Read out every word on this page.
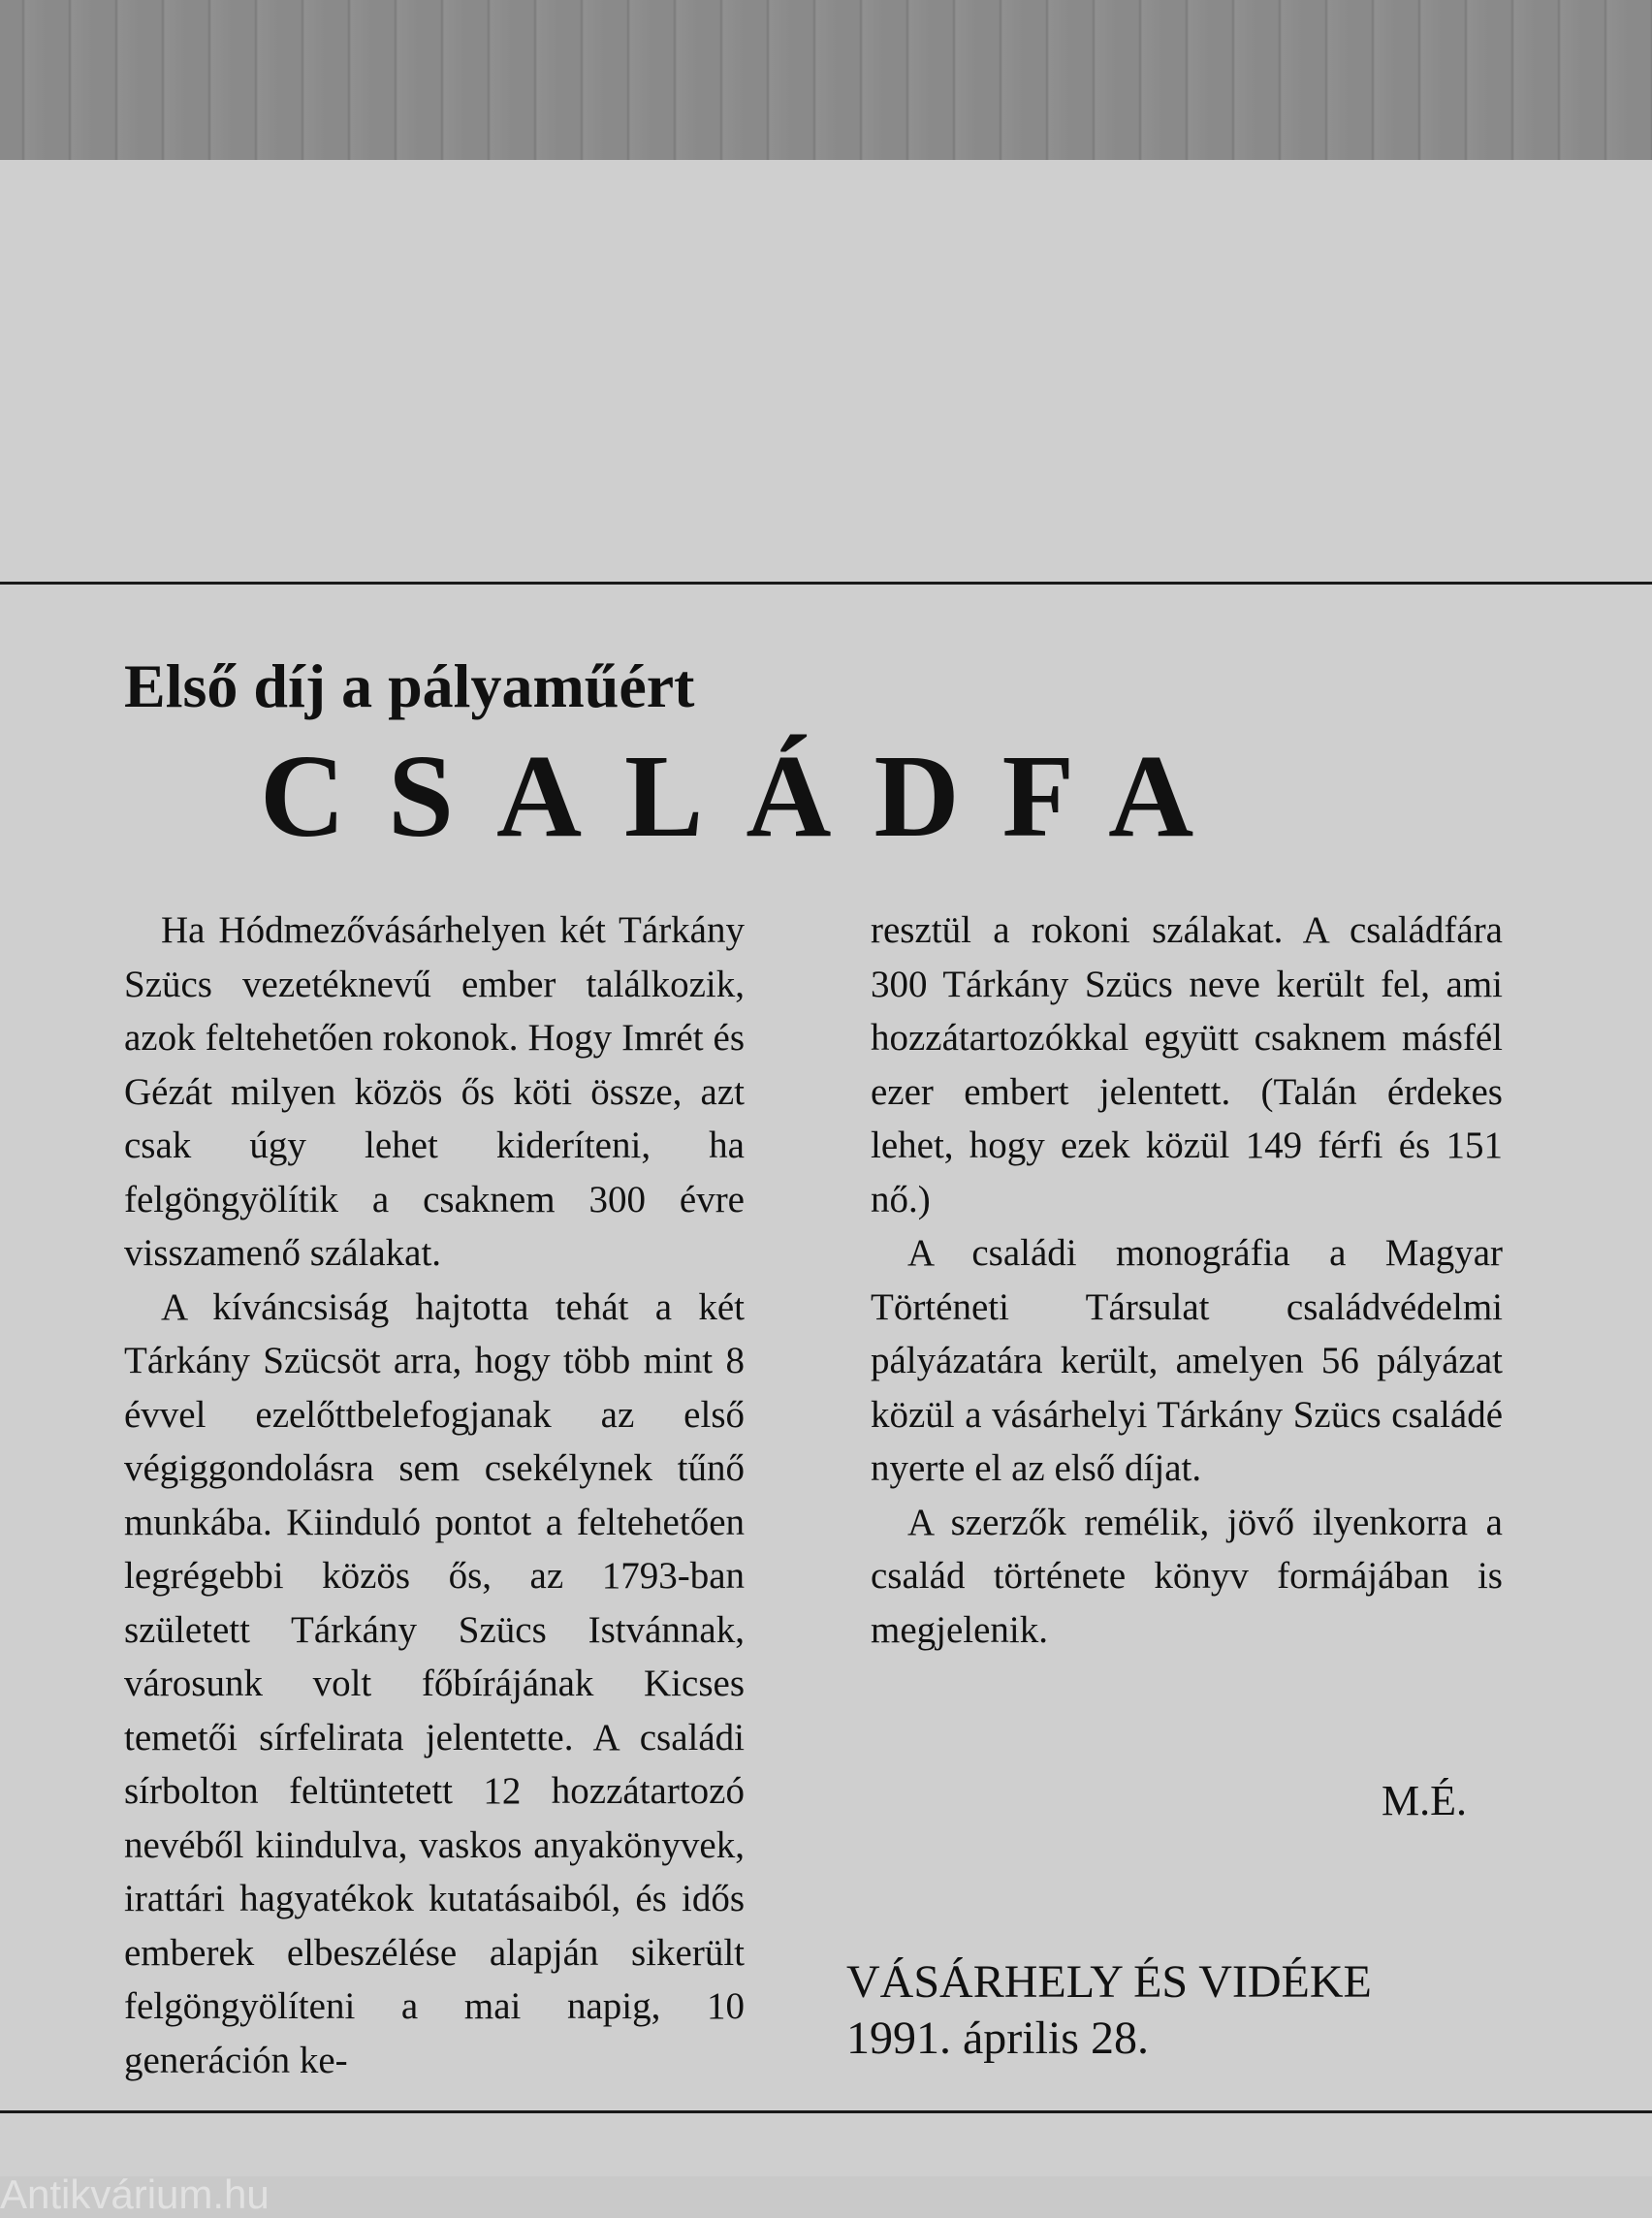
Első díj a pályaműért
CSALÁDFA

Ha Hódmezővásárhelyen két Tárkány Szücs vezetéknevű ember találkozik, azok feltehetően rokonok. Hogy Imrét és Gézát milyen közös ős köti össze, azt csak úgy lehet kideríteni, ha felgöngyölítik a csaknem 300 évre visszamenő szálakat.

A kíváncsiság hajtotta tehát a két Tárkány Szücsöt arra, hogy több mint 8 évvel ezelőttbelefogjanak az első végiggondolásra sem csekélynek tűnő munkába. Kiinduló pontot a feltehetően legrégebbi közös ős, az 1793-ban született Tárkány Szücs Istvánnak, városunk volt főbírájának Kicses temetői sírfelirata jelentette. A családi sírbolton feltüntetett 12 hozzátartozó nevéből kiindulva, vaskos anyakönyvek, irattári hagyatékok kutatásaiból, és idős emberek elbeszélése alapján sikerült felgöngyölíteni a mai napig, 10 generáción ke-

resztül a rokoni szálakat. A családfára 300 Tárkány Szücs neve került fel, ami hozzátartozókkal együtt csaknem másfél ezer embert jelentett. (Talán érdekes lehet, hogy ezek közül 149 férfi és 151 nő.)

A családi monográfia a Magyar Történeti Társulat családvédelmi pályázatára került, amelyen 56 pályázat közül a vásárhelyi Tárkány Szücs családé nyerte el az első díjat.

A szerzők remélik, jövő ilyenkorra a család története könyv formájában is megjelenik.

M.É.
VÁSÁRHELY ÉS VIDÉKE
1991. április 28.
Antikvárium.hu
